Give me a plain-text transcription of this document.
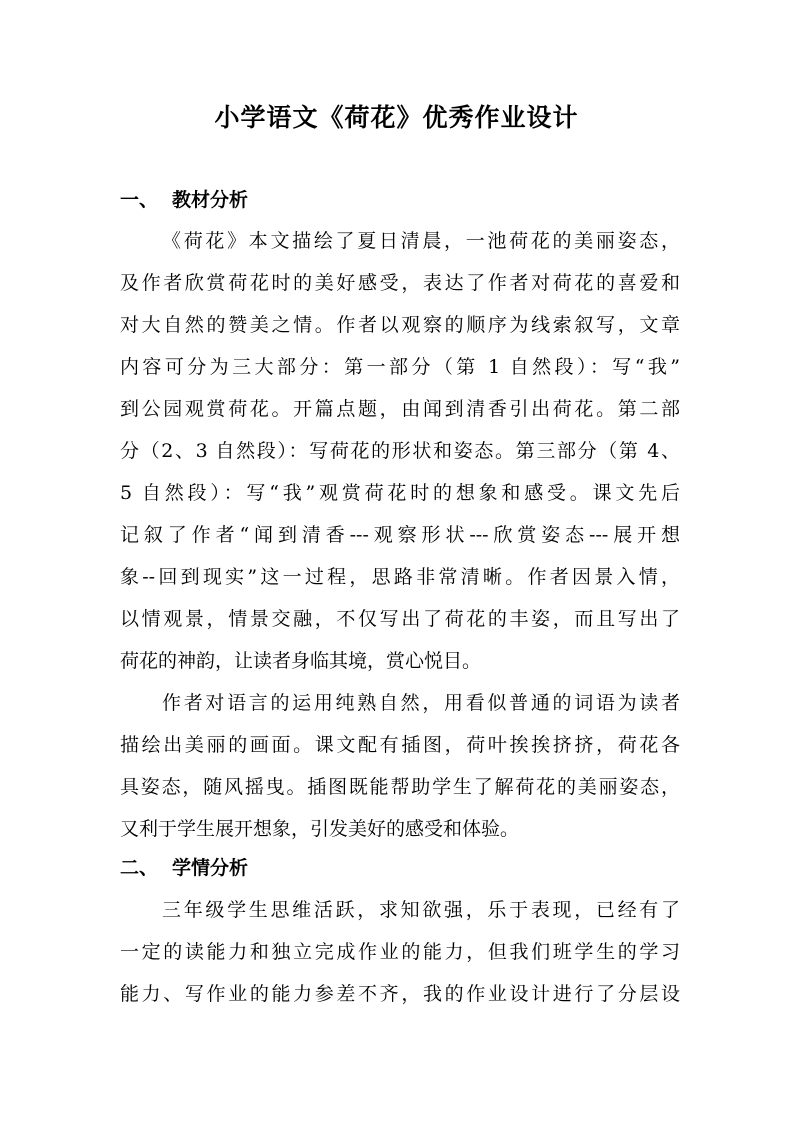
小学语文《荷花》优秀作业设计
一、 教材分析

《荷花》本文描绘了夏日清晨，一池荷花的美丽姿态，

及作者欣赏荷花时的美好感受，表达了作者对荷花的喜爱和

对大自然的赞美之情。作者以观察的顺序为线索叙写，文章

内容可分为三大部分：第一部分（第 1 自然段）：写“我”

到公园观赏荷花。开篇点题，由闻到清香引出荷花。第二部

分（2、3 自然段）：写荷花的形状和姿态。第三部分（第 4、

5 自然段）：写“我”观赏荷花时的想象和感受。课文先后

记叙了作者“闻到清香---观察形状---欣赏姿态---展开想

象--回到现实”这一过程，思路非常清晰。作者因景入情，

以情观景，情景交融，不仅写出了荷花的丰姿，而且写出了

荷花的神韵，让读者身临其境，赏心悦目。

作者对语言的运用纯熟自然，用看似普通的词语为读者

描绘出美丽的画面。课文配有插图，荷叶挨挨挤挤，荷花各

具姿态，随风摇曳。插图既能帮助学生了解荷花的美丽姿态，

又利于学生展开想象，引发美好的感受和体验。

二、 学情分析

三年级学生思维活跃，求知欲强，乐于表现，已经有了

一定的读能力和独立完成作业的能力，但我们班学生的学习

能力、写作业的能力参差不齐，我的作业设计进行了分层设
